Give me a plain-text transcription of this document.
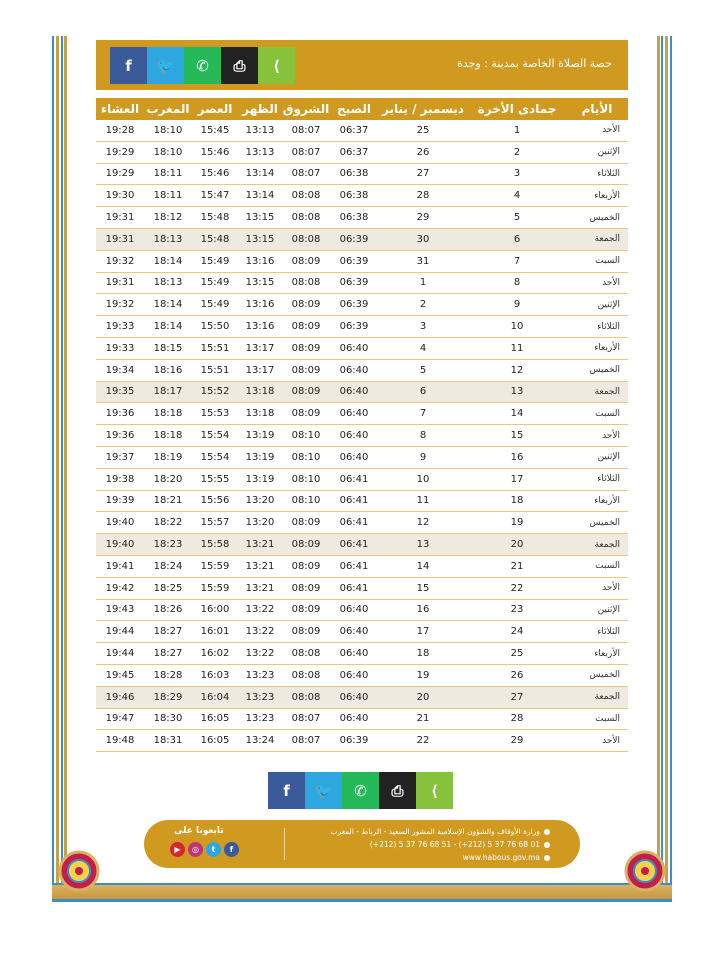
f 🐦 ✆ ⎙ ⟨	حصة الصلاة الخاصة بمدينة : وجدة
الأيام	جمادى الأخرة	ديسمبر / يناير	الصبح	الشروق	الظهر	العصر	المغرب	العشاء
الأحد	1	25	06:37	08:07	13:13	15:45	18:10	19:28
الإثنين	2	26	06:37	08:07	13:13	15:46	18:10	19:29
الثلاثاء	3	27	06:38	08:07	13:14	15:46	18:11	19:29
الأربعاء	4	28	06:38	08:08	13:14	15:47	18:11	19:30
الخميس	5	29	06:38	08:08	13:15	15:48	18:12	19:31
الجمعة	6	30	06:39	08:08	13:15	15:48	18:13	19:31
السبت	7	31	06:39	08:09	13:16	15:49	18:14	19:32
الأحد	8	1	06:39	08:08	13:15	15:49	18:13	19:31
الإثنين	9	2	06:39	08:09	13:16	15:49	18:14	19:32
الثلاثاء	10	3	06:39	08:09	13:16	15:50	18:14	19:33
الأربعاء	11	4	06:40	08:09	13:17	15:51	18:15	19:33
الخميس	12	5	06:40	08:09	13:17	15:51	18:16	19:34
الجمعة	13	6	06:40	08:09	13:18	15:52	18:17	19:35
السبت	14	7	06:40	08:09	13:18	15:53	18:18	19:36
الأحد	15	8	06:40	08:10	13:19	15:54	18:18	19:36
الإثنين	16	9	06:40	08:10	13:19	15:54	18:19	19:37
الثلاثاء	17	10	06:41	08:10	13:19	15:55	18:20	19:38
الأربعاء	18	11	06:41	08:10	13:20	15:56	18:21	19:39
الخميس	19	12	06:41	08:09	13:20	15:57	18:22	19:40
الجمعة	20	13	06:41	08:09	13:21	15:58	18:23	19:40
السبت	21	14	06:41	08:09	13:21	15:59	18:24	19:41
الأحد	22	15	06:41	08:09	13:21	15:59	18:25	19:42
الإثنين	23	16	06:40	08:09	13:22	16:00	18:26	19:43
الثلاثاء	24	17	06:40	08:09	13:22	16:01	18:27	19:44
الأربعاء	25	18	06:40	08:08	13:22	16:02	18:27	19:44
الخميس	26	19	06:40	08:08	13:23	16:03	18:28	19:45
الجمعة	27	20	06:40	08:08	13:23	16:04	18:29	19:46
السبت	28	21	06:40	08:07	13:23	16:05	18:30	19:47
الأحد	29	22	06:39	08:07	13:24	16:05	18:31	19:48
f 🐦 ✆ ⎙ ⟨
تابعونا على
▶	◎	t	f
وزارة الأوقاف والشؤون الإسلامية المشور السعيد - الرباط - المغرب
(+212) 5 37 76 68 51 - (+212) 5 37 76 68 01
www.habous.gov.ma
